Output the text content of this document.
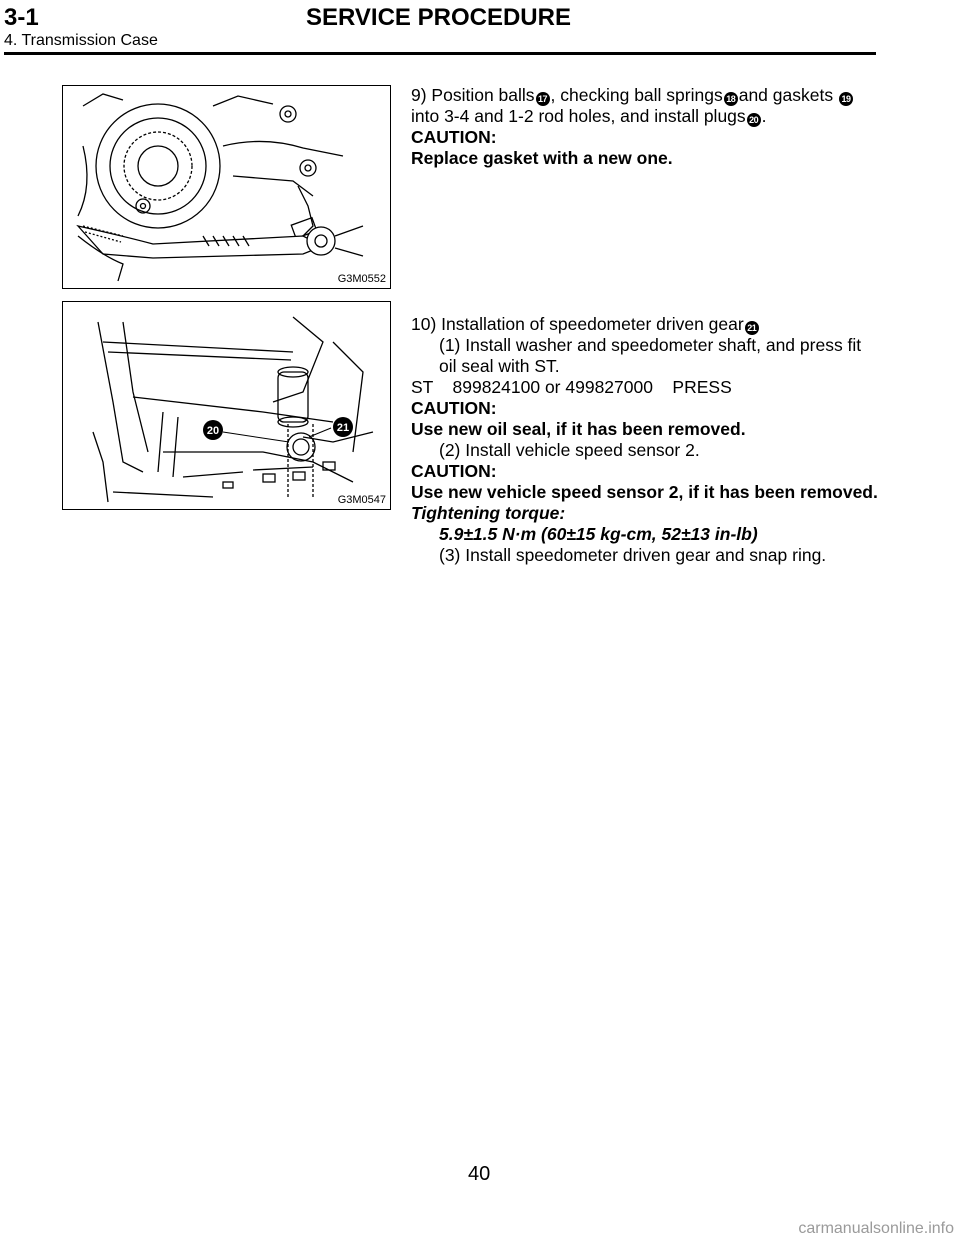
3-1	SERVICE PROCEDURE
4. Transmission Case
G3M0552

9) Position balls 17 , checking ball springs 18 and gaskets 19into 3-4 and 1-2 rod holes, and install plugs 20 .

CAUTION:

Replace gasket with a new one.

20	21
G3M0547

10) Installation of speedometer driven gear 21

(1) Install washer and speedometer shaft, and press fit oil seal with ST.

ST    899824100 or 499827000    PRESS

CAUTION:

Use new oil seal, if it has been removed.

(2) Install vehicle speed sensor 2.

CAUTION:

Use new vehicle speed sensor 2, if it has been removed.

Tightening torque:

5.9±1.5 N·m (60±15 kg-cm, 52±13 in-lb)

(3) Install speedometer driven gear and snap ring.

40
carmanualsonline.info
